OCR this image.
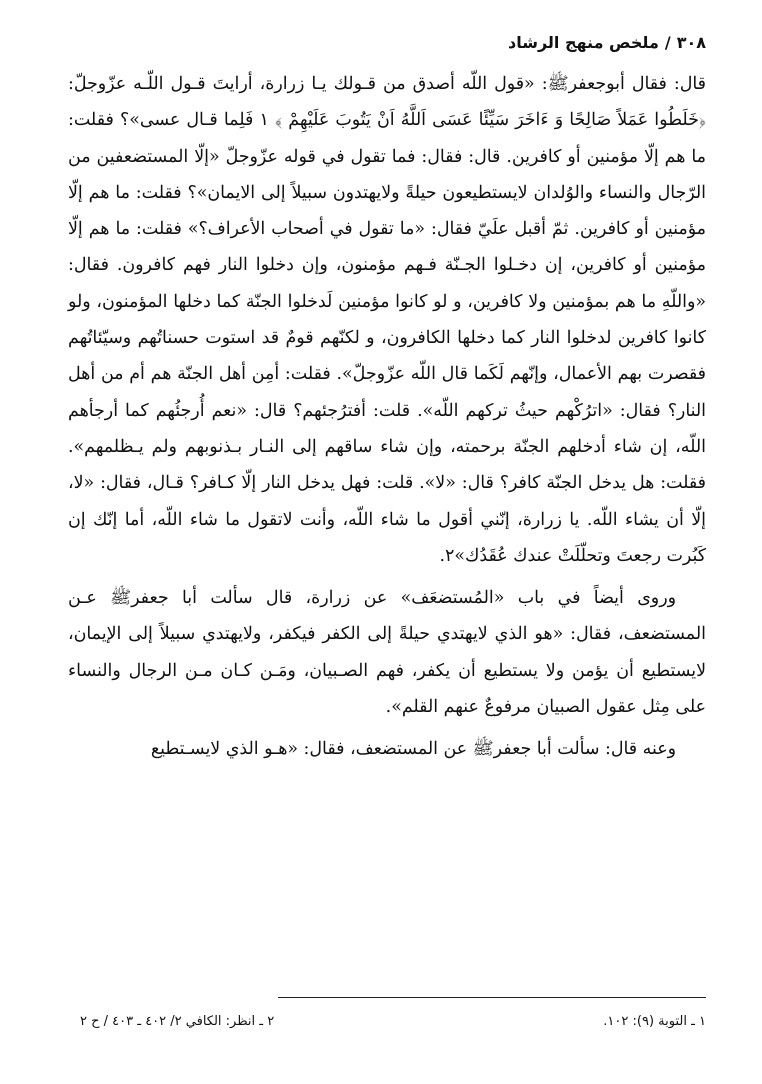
٣٠٨/ملخص منهج الرشاد

قال: فقال أبوجعفرﷺ: «قول اللّه أصدق من قـولك يـا زرارة، أرايتَ قـول اللّـه عزّوجلّ: ﴿خَلَطُوا عَمَلاً صَالِحًا وَ ءَاخَرَ سَيِّئًا عَسَى اَللَّهُ اَنْ يَتُوبَ عَلَيْهِمْ ﴾ ١ فَلِما قـال عسى»؟ فقلت: ما هم إلّا مؤمنين أو كافرين. قال: فقال: فما تقول في قوله عزّوجلّ «إلّا المستضعفين من الرّجال والنساء والوُلدان لايستطيعون حيلةً ولايهتدون سبيلاً إلى الايمان»؟ فقلت: ما هم إلّا مؤمنين أو كافرين. ثمّ أقبل علَيّ فقال: «ما تقول في أصحاب الأعراف؟» فقلت: ما هم إلّا مؤمنين أو كافرين، إن دخـلوا الجـنّة فـهم مؤمنون، وإن دخلوا النار فهم كافرون. فقال: «واللّهِ ما هم بمؤمنين ولا كافرين، و لو كانوا مؤمنين لَدخلوا الجنّة كما دخلها المؤمنون، ولو كانوا كافرين لدخلوا النار كما دخلها الكافرون، و لكنّهم قومٌ قد استوت حسناتُهم وسيّئاتُهم فقصرت بهم الأعمال، وإنّهم لَكَما قال اللّه عزّوجلّ». فقلت: أمِن أهل الجنّة هم أم من أهل النار؟ فقال: «اترُكْهم حيثُ تركهم اللّه». قلت: أفترُجئهم؟ قال: «نعم أُرجئُهم كما أرجأهم اللّه، إن شاء أدخلهم الجنّة برحمته، وإن شاء ساقهم إلى النـار بـذنوبهم ولم يـظلمهم». فقلت: هل يدخل الجنّة كافر؟ قال: «لا». قلت: فهل يدخل النار إلّا كـافر؟ قـال، فقال: «لا، إلّا أن يشاء اللّه. يا زرارة، إنّني أقول ما شاء اللّه، وأنت لاتقول ما شاء اللّه، أما إنّك إن كَبُرت رجعتَ وتحلّلَتْ عندك عُقَدُك»٢.

وروى أيضاً في باب «المُستضعَف» عن زرارة، قال سألت أبا جعفرﷺ عـن المستضعف، فقال: «هو الذي لايهتدي حيلةً إلى الكفر فيكفر، ولايهتدي سبيلاً إلى الإيمان، لايستطيع أن يؤمن ولا يستطيع أن يكفر، فهم الصـبيان، ومَـن كـان مـن الرجال والنساء على مِثل عقول الصبيان مرفوعٌ عنهم القلم».

وعنه قال: سألت أبا جعفرﷺ عن المستضعف، فقال: «هـو الذي لايسـتطيع

١ ـ التوبة (٩): ١٠٢.
٢ ـ انظر: الكافي ٢/ ٤٠٢ ـ ٤٠٣ / ح ٢
